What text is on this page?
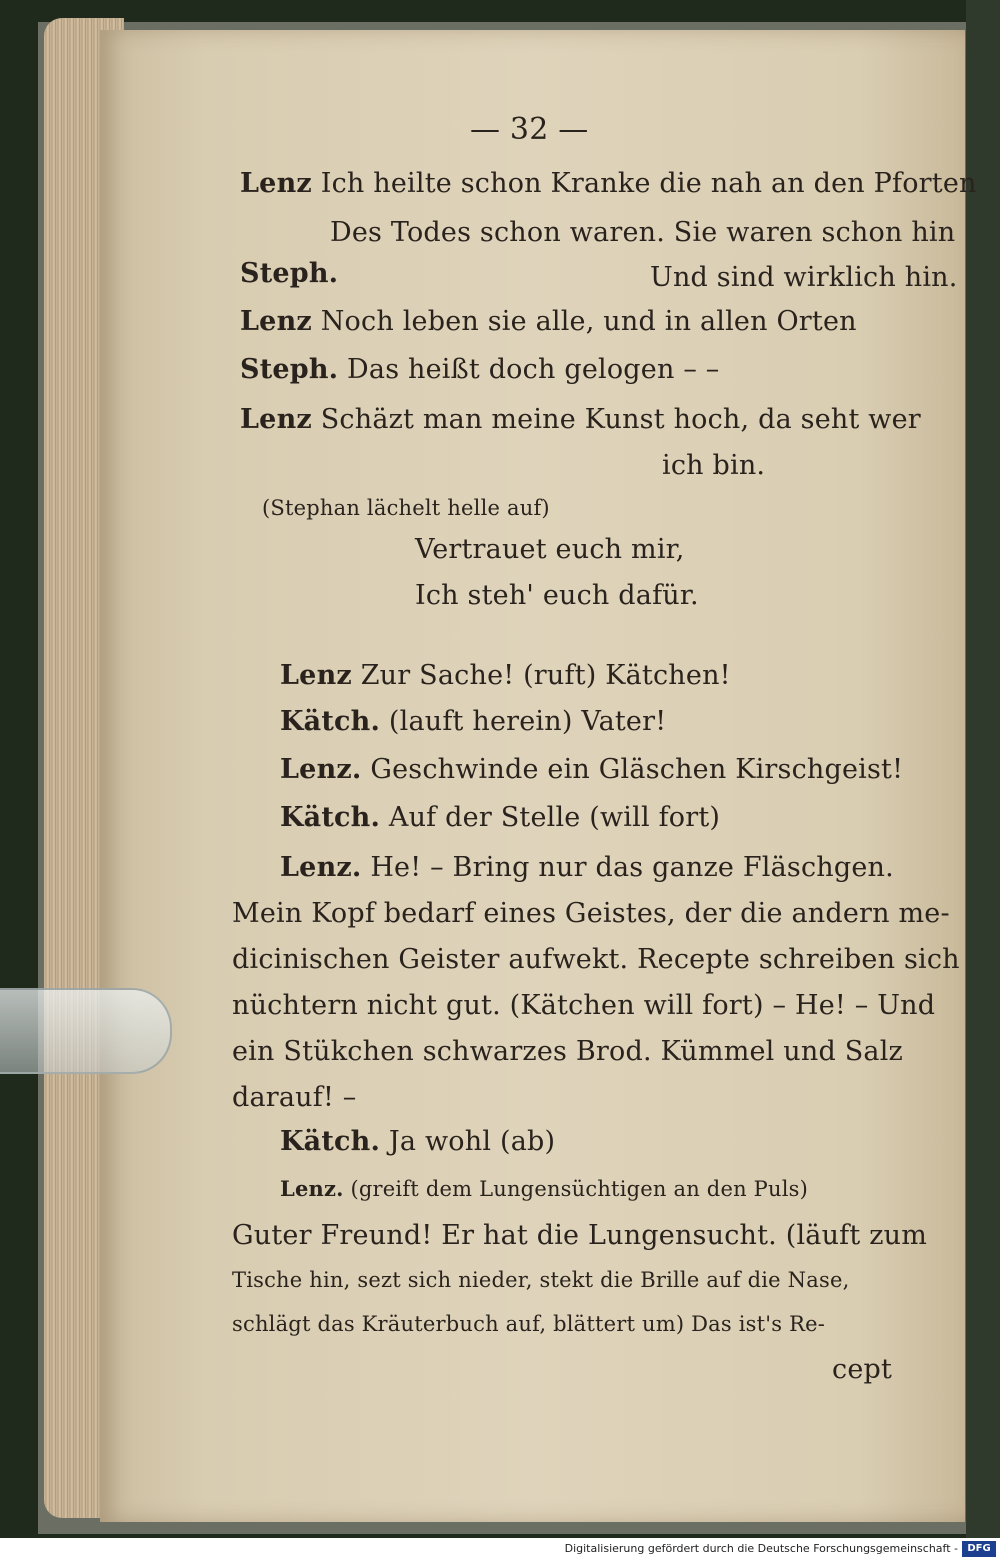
— 32 —
Lenz Ich heilte schon Kranke die nah an den Pforten
Des Todes schon waren. Sie waren schon hin
Steph.	Und sind wirklich hin.
Lenz Noch leben sie alle, und in allen Orten
Steph. Das heißt doch gelogen – –
Lenz Schäzt man meine Kunst hoch, da seht wer
ich bin.
(Stephan lächelt helle auf)
Vertrauet euch mir,
Ich steh' euch dafür.
Lenz Zur Sache! (ruft) Kätchen!
Kätch. (lauft herein) Vater!
Lenz. Geschwinde ein Gläschen Kirschgeist!
Kätch. Auf der Stelle (will fort)
Lenz. He! – Bring nur das ganze Fläschgen.
Mein Kopf bedarf eines Geistes, der die andern me-
dicinischen Geister aufwekt. Recepte schreiben sich
nüchtern nicht gut. (Kätchen will fort) – He! – Und
ein Stükchen schwarzes Brod. Kümmel und Salz
darauf! –
Kätch. Ja wohl (ab)
Lenz. (greift dem Lungensüchtigen an den Puls)
Guter Freund! Er hat die Lungensucht. (läuft zum
Tische hin, sezt sich nieder, stekt die Brille auf die Nase,
schlägt das Kräuterbuch auf, blättert um) Das ist's Re-
cept
Digitalisierung gefördert durch die Deutsche Forschungsgemeinschaft - DFG
